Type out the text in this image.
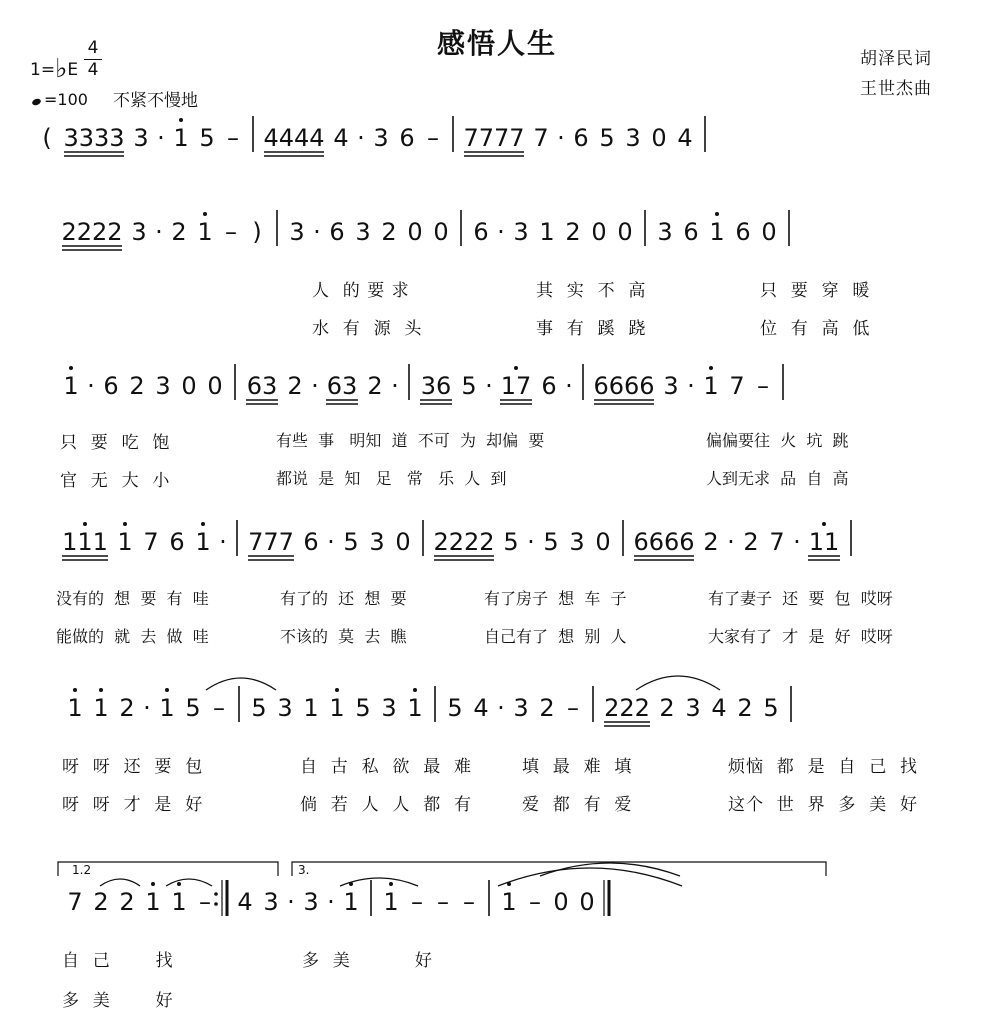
感悟人生	胡泽民词
王世杰曲
1=♭E
4
4
=100 不紧不慢地
( 3333 3 · 1 5 – 4444 4 · 3 6 – 7777 7 · 6 5 3 0 4
2222 3 · 2 1 – ) 3 · 6 3 2 0 0 6 · 3 1 2 0 0 3 6 1 6 0
1 · 6 2 3 0 0 63 2 · 63 2 · 36 5 · 17 6 · 6666 3 · 1 7 –
111 1 7 6 1 · 777 6 · 5 3 0 2222 5 · 5 3 0 6666 2 · 2 7 · 11
1 1 2 · 1 5 – 5 3 1 1 5 3 1 5 4 · 3 2 – 222 2 3 4 2 5
7 2 2 1 1 – 4 3 · 3 · 1 1 – – – 1 – 0 0
1.2	3.
人  的 要 求	其  实  不  高	只  要  穿  暖
水  有  源  头	事  有  蹊  跷	位  有  高  低
只  要  吃  饱	有些  事   明知  道  不可  为  却偏  要	偏偏要往  火  坑  跳
官  无  大  小	都说  是  知   足   常   乐  人  到	人到无求  品  自  高
没有的  想  要  有  哇	有了的  还  想  要	有了房子  想  车  子	有了妻子  还  要  包  哎呀
能做的  就  去  做  哇	不该的  莫  去  瞧	自己有了  想  别  人	大家有了  才  是  好  哎呀
呀  呀  还  要  包	自  古  私  欲  最  难	填  最  难  填	烦恼  都  是  自  己  找
呀  呀  才  是  好	倘  若  人  人  都  有	爱  都  有  爱	这个  世  界  多  美  好
自  己       找	多  美          好
多  美       好
